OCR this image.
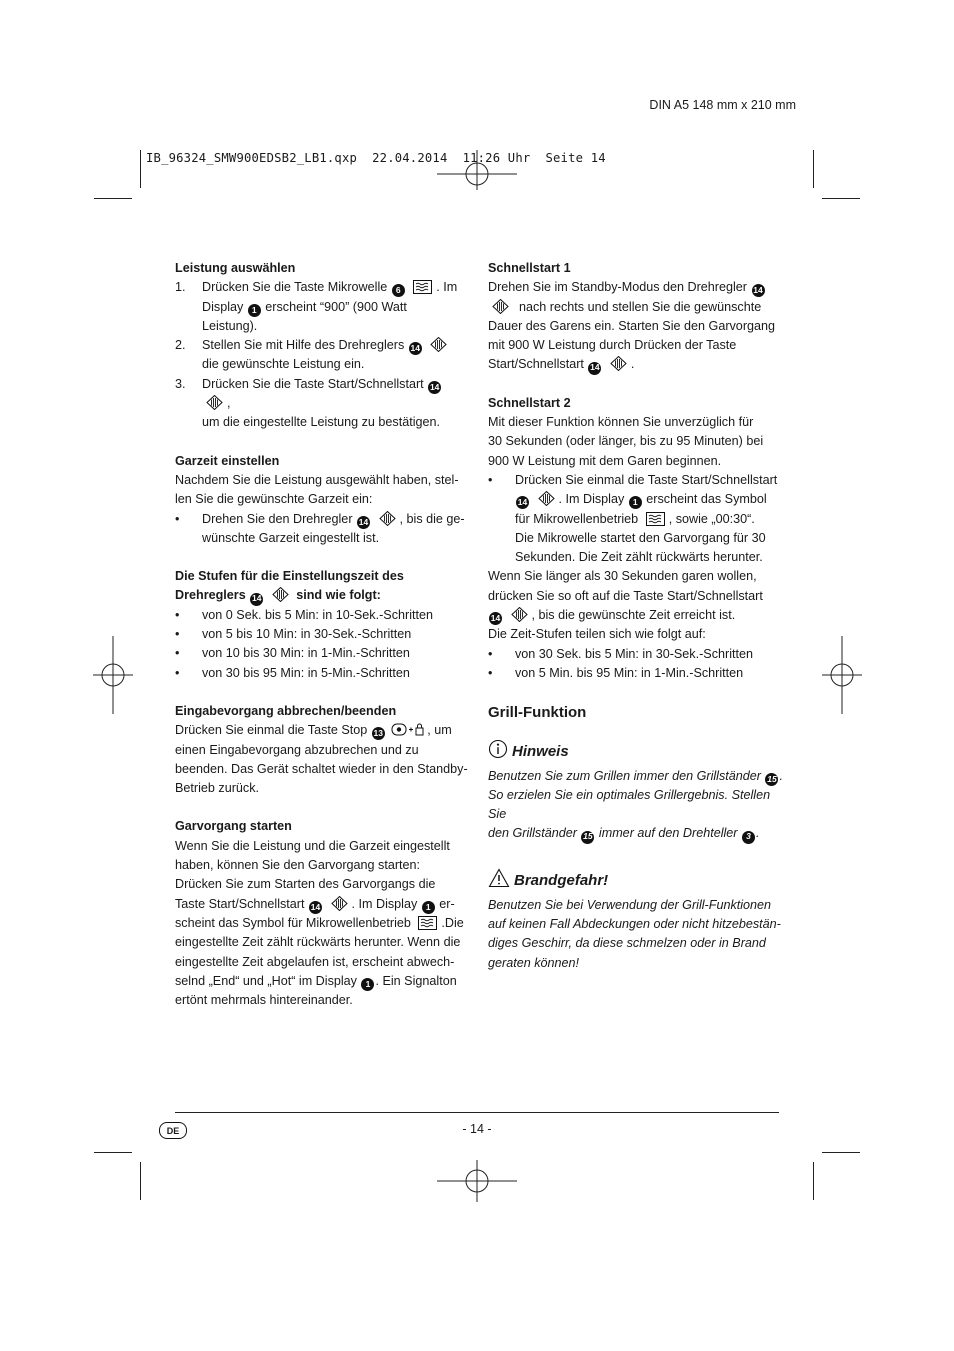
DIN A5 148 mm x 210 mm
IB_96324_SMW900EDSB2_LB1.qxp  22.04.2014  11:26 Uhr  Seite 14

Leistung auswählen

1. Drücken Sie die Taste Mikrowelle 6	. Im
Display 1 erscheint “900” (900 Watt
Leistung).
2. Stellen Sie mit Hilfe des Drehreglers 14
die gewünschte Leistung ein.
3. Drücken Sie die Taste Start/Schnellstart 14 ,
um die eingestellte Leistung zu bestätigen.

Garzeit einstellen

Nachdem Sie die Leistung ausgewählt haben, stel-

len Sie die gewünschte Garzeit ein:

• Drehen Sie den Drehregler 14 , bis die ge-
wünschte Garzeit eingestellt ist.

Die Stufen für die Einstellungszeit des

Drehreglers 14	sind wie folgt:

• von 0 Sek. bis 5 Min: in 10-Sek.-Schritten
• von 5 bis 10 Min: in 30-Sek.-Schritten
• von 10 bis 30 Min: in 1-Min.-Schritten
• von 30 bis 95 Min: in 5-Min.-Schritten

Eingabevorgang abbrechen/beenden

Drücken Sie einmal die Taste Stop 13	, um

einen Eingabevorgang abzubrechen und zu

beenden. Das Gerät schaltet wieder in den Standby-

Betrieb zurück.

Garvorgang starten

Wenn Sie die Leistung und die Garzeit eingestellt

haben, können Sie den Garvorgang starten:

Drücken Sie zum Starten des Garvorgangs die

Taste Start/Schnellstart 14 . Im Display 1 er-

scheint das Symbol für Mikrowellenbetrieb .Die

eingestellte Zeit zählt rückwärts herunter. Wenn die

eingestellte Zeit abgelaufen ist, erscheint abwech-

selnd „End“ und „Hot“ im Display 1 . Ein Signalton

ertönt mehrmals hintereinander.

Schnellstart 1

Drehen Sie im Standby-Modus den Drehregler 14

nach rechts und stellen Sie die gewünschte

Dauer des Garens ein. Starten Sie den Garvorgang

mit 900 W Leistung durch Drücken der Taste

Start/Schnellstart 14 .

Schnellstart 2

Mit dieser Funktion können Sie unverzüglich für

30 Sekunden (oder länger, bis zu 95 Minuten) bei

900 W Leistung mit dem Garen beginnen.

• Drücken Sie einmal die Taste Start/Schnellstart
14 . Im Display 1 erscheint das Symbol
für Mikrowellenbetrieb , sowie „00:30“.
Die Mikrowelle startet den Garvorgang für 30
Sekunden. Die Zeit zählt rückwärts herunter.

Wenn Sie länger als 30 Sekunden garen wollen,

drücken Sie so oft auf die Taste Start/Schnellstart

14 , bis die gewünschte Zeit erreicht ist.

Die Zeit-Stufen teilen sich wie folgt auf:

• von 30 Sek. bis 5 Min: in 30-Sek.-Schritten
• von 5 Min. bis 95 Min: in 1-Min.-Schritten

Grill-Funktion

Hinweis

Benutzen Sie zum Grillen immer den Grillständer 15 .

So erzielen Sie ein optimales Grillergebnis. Stellen Sie

den Grillständer 15 immer auf den Drehteller 3 .

Brandgefahr!

Benutzen Sie bei Verwendung der Grill-Funktionen

auf keinen Fall Abdeckungen oder nicht hitzebestän-

diges Geschirr, da diese schmelzen oder in Brand

geraten können!

DE	- 14 -
